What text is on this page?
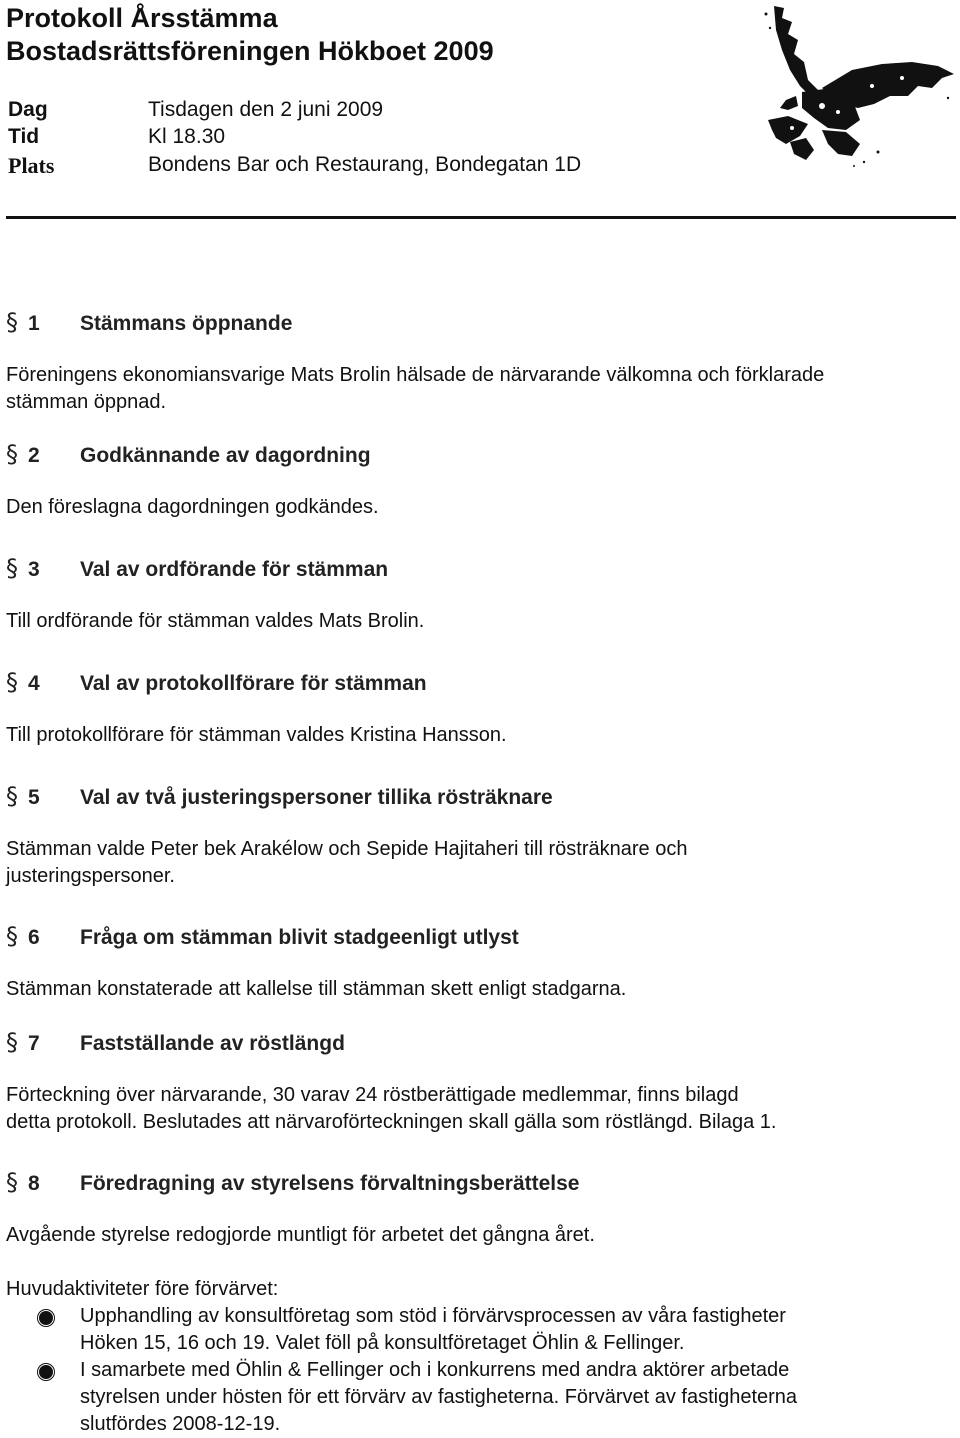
Protokoll Årsstämma
Bostadsrättsföreningen Hökboet 2009
Dag	Tisdagen den 2 juni 2009
Tid	Kl 18.30
Plats	Bondens Bar och Restaurang, Bondegatan 1D
§ 1 Stämmans öppnande
Föreningens ekonomiansvarige Mats Brolin hälsade de närvarande välkomna och förklarade
stämman öppnad.
§ 2 Godkännande av dagordning
Den föreslagna dagordningen godkändes.
§ 3 Val av ordförande för stämman
Till ordförande för stämman valdes Mats Brolin.
§ 4 Val av protokollförare för stämman
Till protokollförare för stämman valdes Kristina Hansson.
§ 5 Val av två justeringspersoner tillika rösträknare
Stämman valde Peter bek Arakélow och Sepide Hajitaheri till rösträknare och
justeringspersoner.
§ 6 Fråga om stämman blivit stadgeenligt utlyst
Stämman konstaterade att kallelse till stämman skett enligt stadgarna.
§ 7 Fastställande av röstlängd
Förteckning över närvarande, 30 varav 24 röstberättigade medlemmar, finns bilagd
detta protokoll. Beslutades att närvaroförteckningen skall gälla som röstlängd. Bilaga 1.
§ 8 Föredragning av styrelsens förvaltningsberättelse
Avgående styrelse redogjorde muntligt för arbetet det gångna året.
Huvudaktiviteter före förvärvet:
Upphandling av konsultföretag som stöd i förvärvsprocessen av våra fastigheter
Höken 15, 16 och 19. Valet föll på konsultföretaget Öhlin & Fellinger.
I samarbete med Öhlin & Fellinger och i konkurrens med andra aktörer arbetade
styrelsen under hösten för ett förvärv av fastigheterna. Förvärvet av fastigheterna
slutfördes 2008-12-19.
